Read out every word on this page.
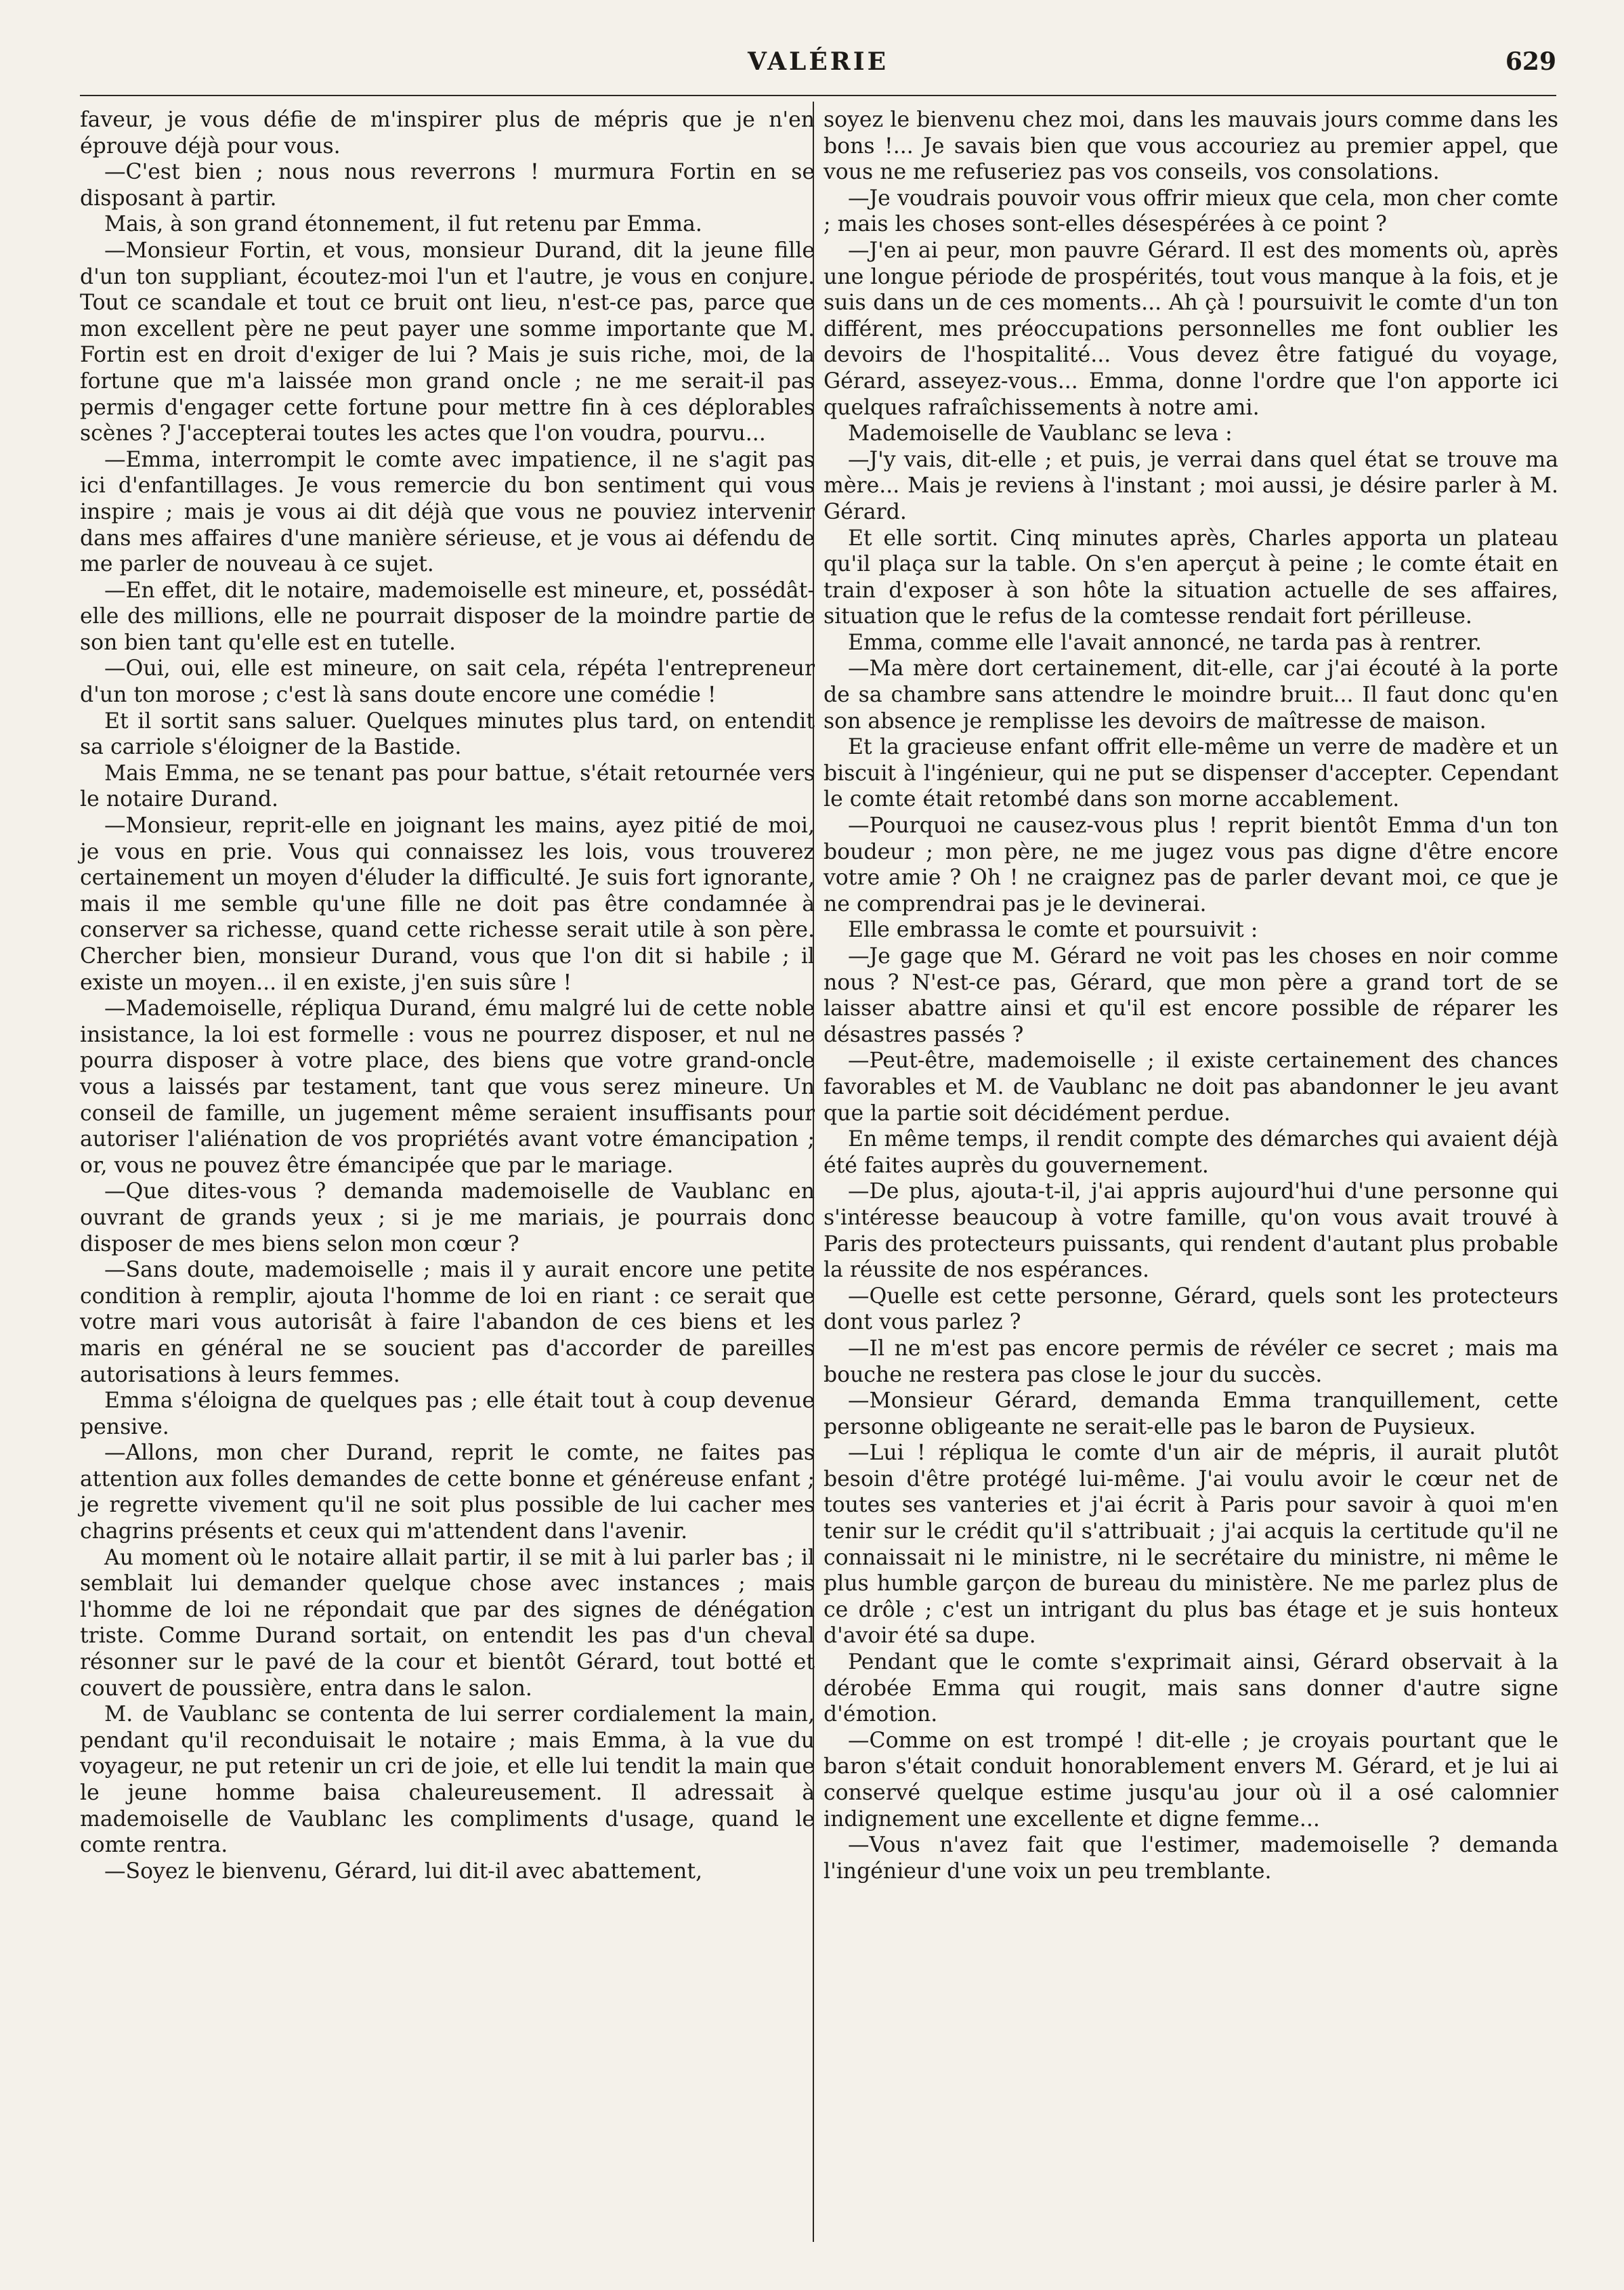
VALÉRIE	629

faveur, je vous défie de m'inspirer plus de mépris que je n'en éprouve déjà pour vous.

—C'est bien ; nous nous reverrons ! murmura Fortin en se disposant à partir.

Mais, à son grand étonnement, il fut retenu par Emma.

—Monsieur Fortin, et vous, monsieur Durand, dit la jeune fille d'un ton suppliant, écoutez-moi l'un et l'autre, je vous en conjure. Tout ce scandale et tout ce bruit ont lieu, n'est-ce pas, parce que mon excellent père ne peut payer une somme importante que M. Fortin est en droit d'exiger de lui ? Mais je suis riche, moi, de la fortune que m'a laissée mon grand oncle ; ne me serait-il pas permis d'engager cette fortune pour mettre fin à ces déplorables scènes ? J'accepterai toutes les actes que l'on voudra, pourvu...

—Emma, interrompit le comte avec impatience, il ne s'agit pas ici d'enfantillages. Je vous remercie du bon sentiment qui vous inspire ; mais je vous ai dit déjà que vous ne pouviez intervenir dans mes affaires d'une manière sérieuse, et je vous ai défendu de me parler de nouveau à ce sujet.

—En effet, dit le notaire, mademoiselle est mineure, et, possédât-elle des millions, elle ne pourrait disposer de la moindre partie de son bien tant qu'elle est en tutelle.

—Oui, oui, elle est mineure, on sait cela, répéta l'entrepreneur d'un ton morose ; c'est là sans doute encore une comédie !

Et il sortit sans saluer. Quelques minutes plus tard, on entendit sa carriole s'éloigner de la Bastide.

Mais Emma, ne se tenant pas pour battue, s'était retournée vers le notaire Durand.

—Monsieur, reprit-elle en joignant les mains, ayez pitié de moi, je vous en prie. Vous qui connaissez les lois, vous trouverez certainement un moyen d'éluder la difficulté. Je suis fort ignorante, mais il me semble qu'une fille ne doit pas être condamnée à conserver sa richesse, quand cette richesse serait utile à son père. Chercher bien, monsieur Durand, vous que l'on dit si habile ; il existe un moyen... il en existe, j'en suis sûre !

—Mademoiselle, répliqua Durand, ému malgré lui de cette noble insistance, la loi est formelle : vous ne pourrez disposer, et nul ne pourra disposer à votre place, des biens que votre grand-oncle vous a laissés par testament, tant que vous serez mineure. Un conseil de famille, un jugement même seraient insuffisants pour autoriser l'aliénation de vos propriétés avant votre émancipation ; or, vous ne pouvez être émancipée que par le mariage.

—Que dites-vous ? demanda mademoiselle de Vaublanc en ouvrant de grands yeux ; si je me mariais, je pourrais donc disposer de mes biens selon mon cœur ?

—Sans doute, mademoiselle ; mais il y aurait encore une petite condition à remplir, ajouta l'homme de loi en riant : ce serait que votre mari vous autorisât à faire l'abandon de ces biens et les maris en général ne se soucient pas d'accorder de pareilles autorisations à leurs femmes.

Emma s'éloigna de quelques pas ; elle était tout à coup devenue pensive.

—Allons, mon cher Durand, reprit le comte, ne faites pas attention aux folles demandes de cette bonne et généreuse enfant ; je regrette vivement qu'il ne soit plus possible de lui cacher mes chagrins présents et ceux qui m'attendent dans l'avenir.

Au moment où le notaire allait partir, il se mit à lui parler bas ; il semblait lui demander quelque chose avec instances ; mais l'homme de loi ne répondait que par des signes de dénégation triste. Comme Durand sortait, on entendit les pas d'un cheval résonner sur le pavé de la cour et bientôt Gérard, tout botté et couvert de poussière, entra dans le salon.

M. de Vaublanc se contenta de lui serrer cordialement la main, pendant qu'il reconduisait le notaire ; mais Emma, à la vue du voyageur, ne put retenir un cri de joie, et elle lui tendit la main que le jeune homme baisa chaleureusement. Il adressait à mademoiselle de Vaublanc les compliments d'usage, quand le comte rentra.

—Soyez le bienvenu, Gérard, lui dit-il avec abattement,

soyez le bienvenu chez moi, dans les mauvais jours comme dans les bons !... Je savais bien que vous accouriez au premier appel, que vous ne me refuseriez pas vos conseils, vos consolations.

—Je voudrais pouvoir vous offrir mieux que cela, mon cher comte ; mais les choses sont-elles désespérées à ce point ?

—J'en ai peur, mon pauvre Gérard. Il est des moments où, après une longue période de prospérités, tout vous manque à la fois, et je suis dans un de ces moments... Ah çà ! poursuivit le comte d'un ton différent, mes préoccupations personnelles me font oublier les devoirs de l'hospitalité... Vous devez être fatigué du voyage, Gérard, asseyez-vous... Emma, donne l'ordre que l'on apporte ici quelques rafraîchissements à notre ami.

Mademoiselle de Vaublanc se leva :

—J'y vais, dit-elle ; et puis, je verrai dans quel état se trouve ma mère... Mais je reviens à l'instant ; moi aussi, je désire parler à M. Gérard.

Et elle sortit. Cinq minutes après, Charles apporta un plateau qu'il plaça sur la table. On s'en aperçut à peine ; le comte était en train d'exposer à son hôte la situation actuelle de ses affaires, situation que le refus de la comtesse rendait fort périlleuse.

Emma, comme elle l'avait annoncé, ne tarda pas à rentrer.

—Ma mère dort certainement, dit-elle, car j'ai écouté à la porte de sa chambre sans attendre le moindre bruit... Il faut donc qu'en son absence je remplisse les devoirs de maîtresse de maison.

Et la gracieuse enfant offrit elle-même un verre de madère et un biscuit à l'ingénieur, qui ne put se dispenser d'accepter. Cependant le comte était retombé dans son morne accablement.

—Pourquoi ne causez-vous plus ! reprit bientôt Emma d'un ton boudeur ; mon père, ne me jugez vous pas digne d'être encore votre amie ? Oh ! ne craignez pas de parler devant moi, ce que je ne comprendrai pas je le devinerai.

Elle embrassa le comte et poursuivit :

—Je gage que M. Gérard ne voit pas les choses en noir comme nous ? N'est-ce pas, Gérard, que mon père a grand tort de se laisser abattre ainsi et qu'il est encore possible de réparer les désastres passés ?

—Peut-être, mademoiselle ; il existe certainement des chances favorables et M. de Vaublanc ne doit pas abandonner le jeu avant que la partie soit décidément perdue.

En même temps, il rendit compte des démarches qui avaient déjà été faites auprès du gouvernement.

—De plus, ajouta-t-il, j'ai appris aujourd'hui d'une personne qui s'intéresse beaucoup à votre famille, qu'on vous avait trouvé à Paris des protecteurs puissants, qui rendent d'autant plus probable la réussite de nos espérances.

—Quelle est cette personne, Gérard, quels sont les protecteurs dont vous parlez ?

—Il ne m'est pas encore permis de révéler ce secret ; mais ma bouche ne restera pas close le jour du succès.

—Monsieur Gérard, demanda Emma tranquillement, cette personne obligeante ne serait-elle pas le baron de Puysieux.

—Lui ! répliqua le comte d'un air de mépris, il aurait plutôt besoin d'être protégé lui-même. J'ai voulu avoir le cœur net de toutes ses vanteries et j'ai écrit à Paris pour savoir à quoi m'en tenir sur le crédit qu'il s'attribuait ; j'ai acquis la certitude qu'il ne connaissait ni le ministre, ni le secrétaire du ministre, ni même le plus humble garçon de bureau du ministère. Ne me parlez plus de ce drôle ; c'est un intrigant du plus bas étage et je suis honteux d'avoir été sa dupe.

Pendant que le comte s'exprimait ainsi, Gérard observait à la dérobée Emma qui rougit, mais sans donner d'autre signe d'émotion.

—Comme on est trompé ! dit-elle ; je croyais pourtant que le baron s'était conduit honorablement envers M. Gérard, et je lui ai conservé quelque estime jusqu'au jour où il a osé calomnier indignement une excellente et digne femme...

—Vous n'avez fait que l'estimer, mademoiselle ? demanda l'ingénieur d'une voix un peu tremblante.
